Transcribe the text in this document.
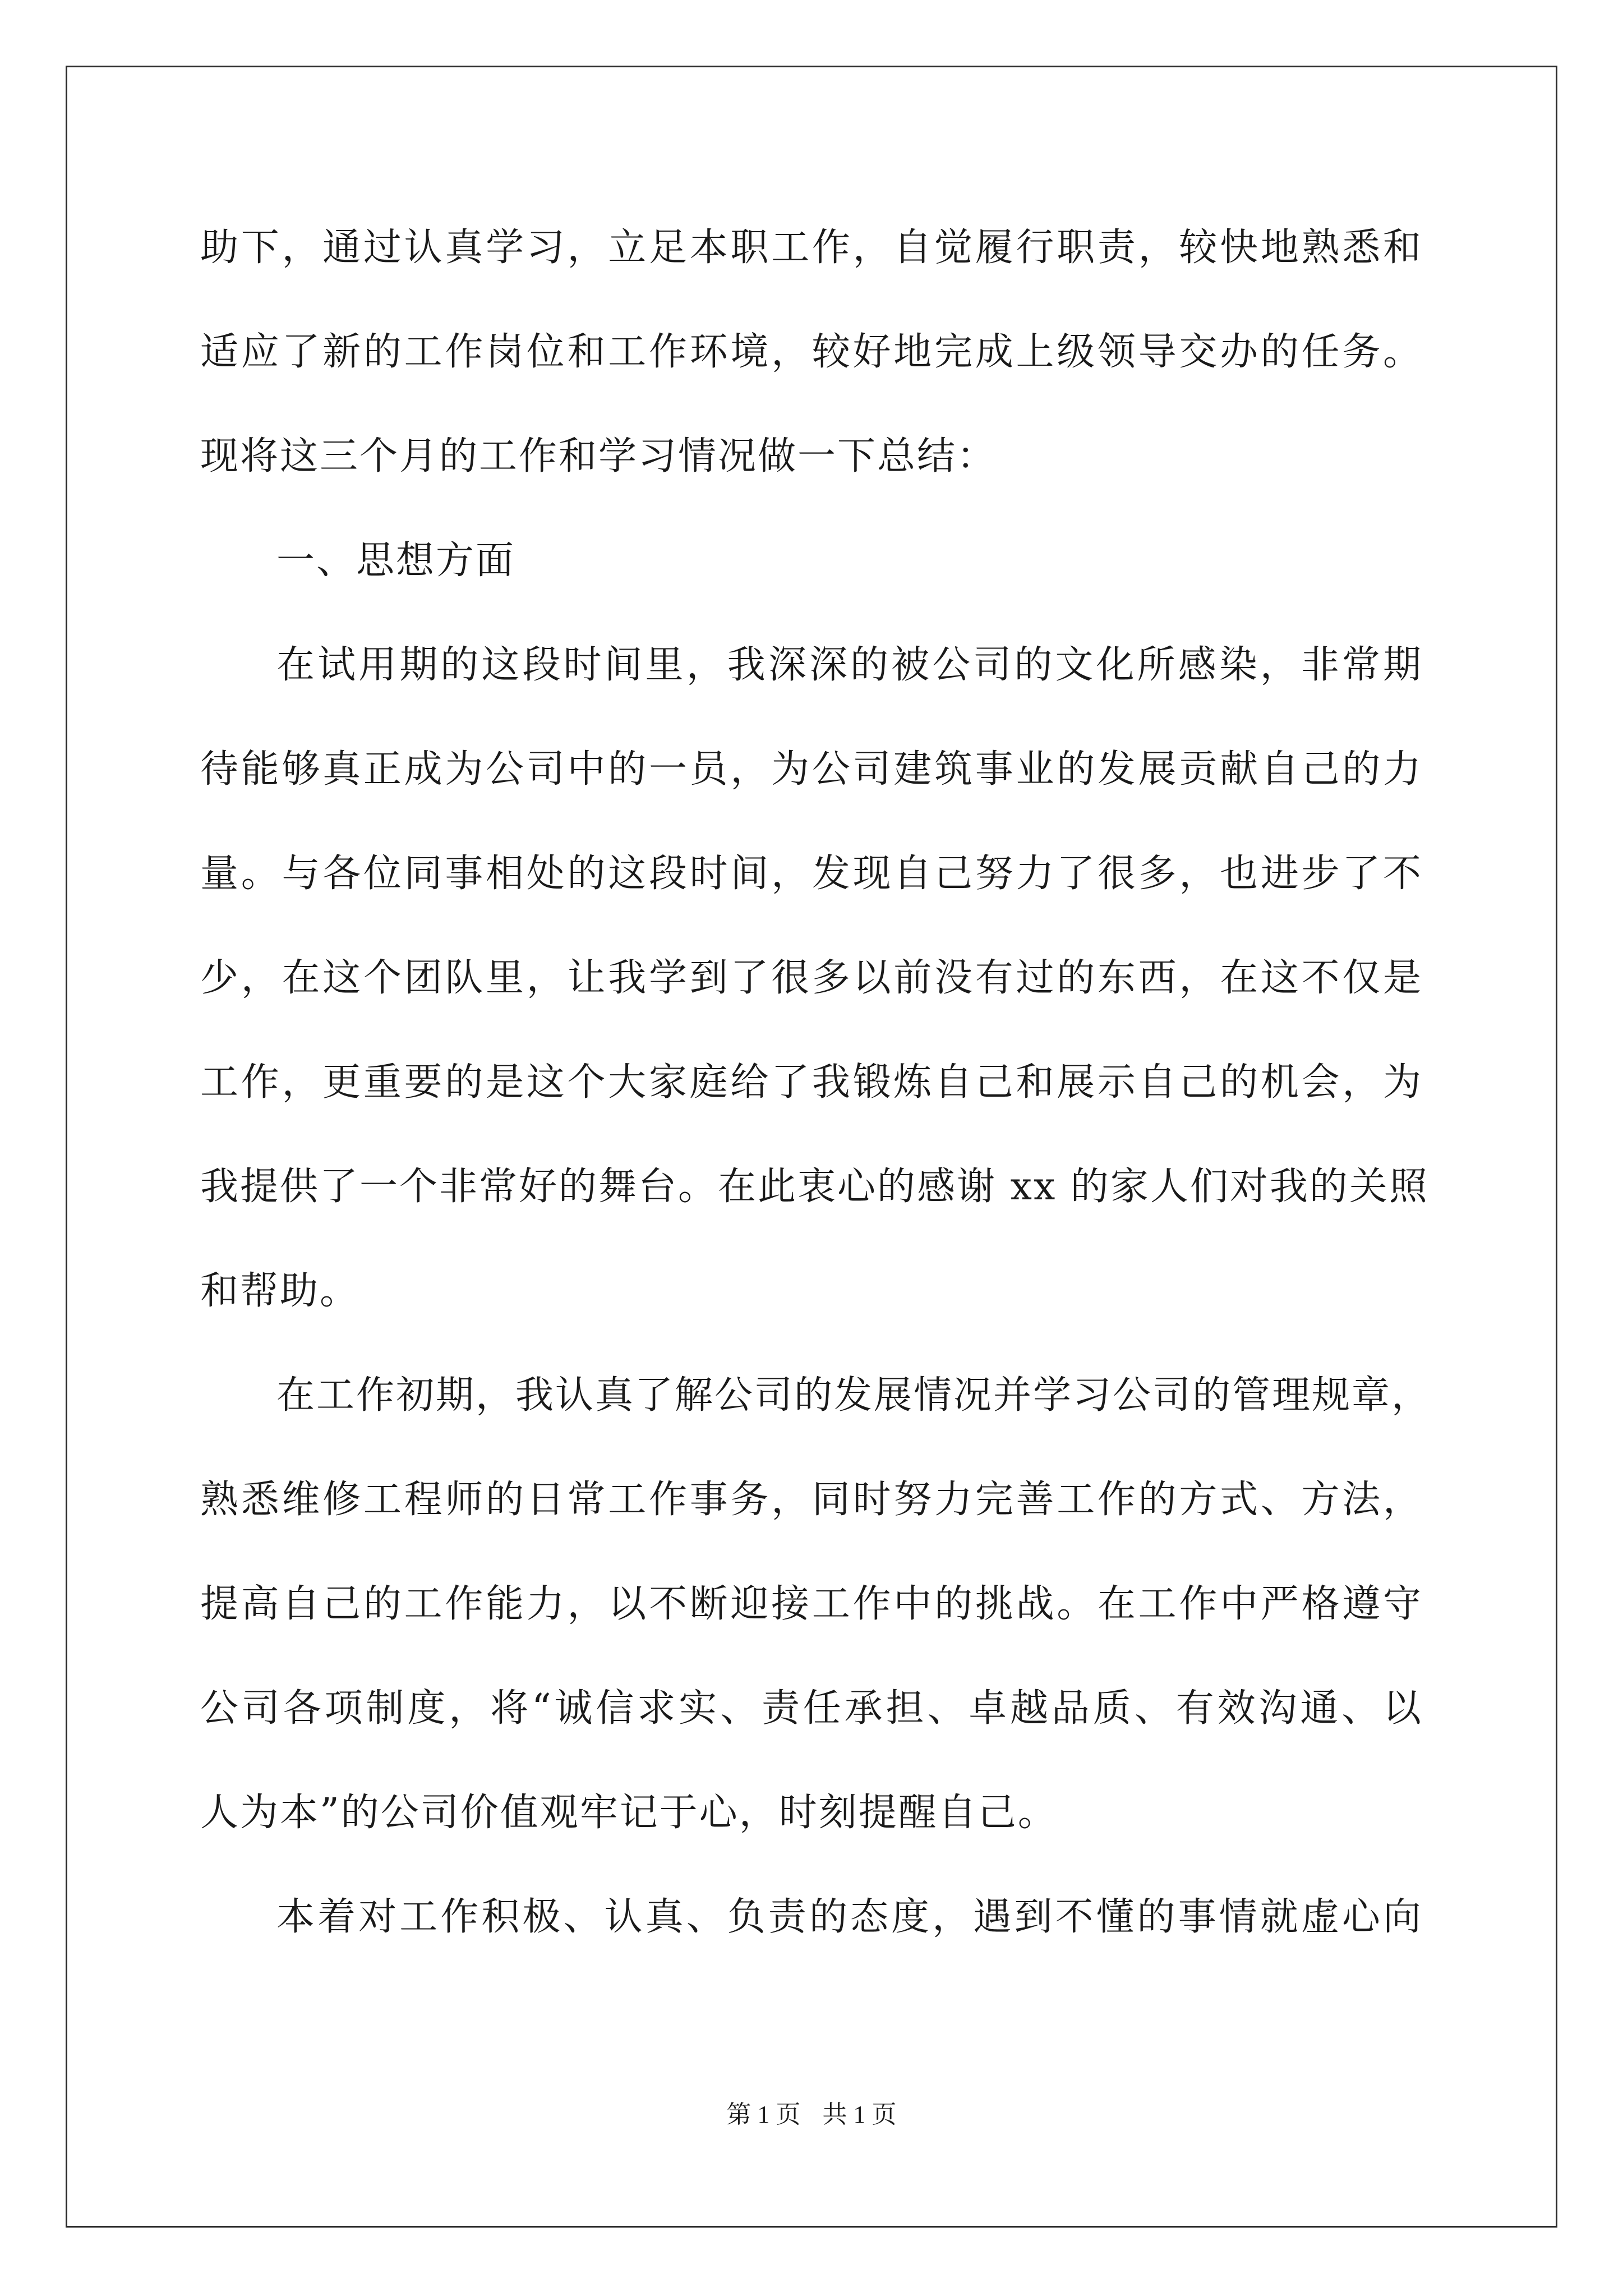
助下，通过认真学习，立足本职工作，自觉履行职责，较快地熟悉和
适应了新的工作岗位和工作环境，较好地完成上级领导交办的任务。
现将这三个月的工作和学习情况做一下总结：
一、思想方面
在试用期的这段时间里，我深深的被公司的文化所感染，非常期
待能够真正成为公司中的一员，为公司建筑事业的发展贡献自己的力
量。与各位同事相处的这段时间，发现自己努力了很多，也进步了不
少，在这个团队里，让我学到了很多以前没有过的东西，在这不仅是
工作，更重要的是这个大家庭给了我锻炼自己和展示自己的机会，为
我提供了一个非常好的舞台。在此衷心的感谢 xx 的家人们对我的关照
和帮助。
在工作初期，我认真了解公司的发展情况并学习公司的管理规章，
熟悉维修工程师的日常工作事务，同时努力完善工作的方式、方法，
提高自己的工作能力，以不断迎接工作中的挑战。在工作中严格遵守
公司各项制度，将“诚信求实、责任承担、卓越品质、有效沟通、以
人为本”的公司价值观牢记于心，时刻提醒自己。
本着对工作积极、认真、负责的态度，遇到不懂的事情就虚心向
第 1 页 共 1 页
